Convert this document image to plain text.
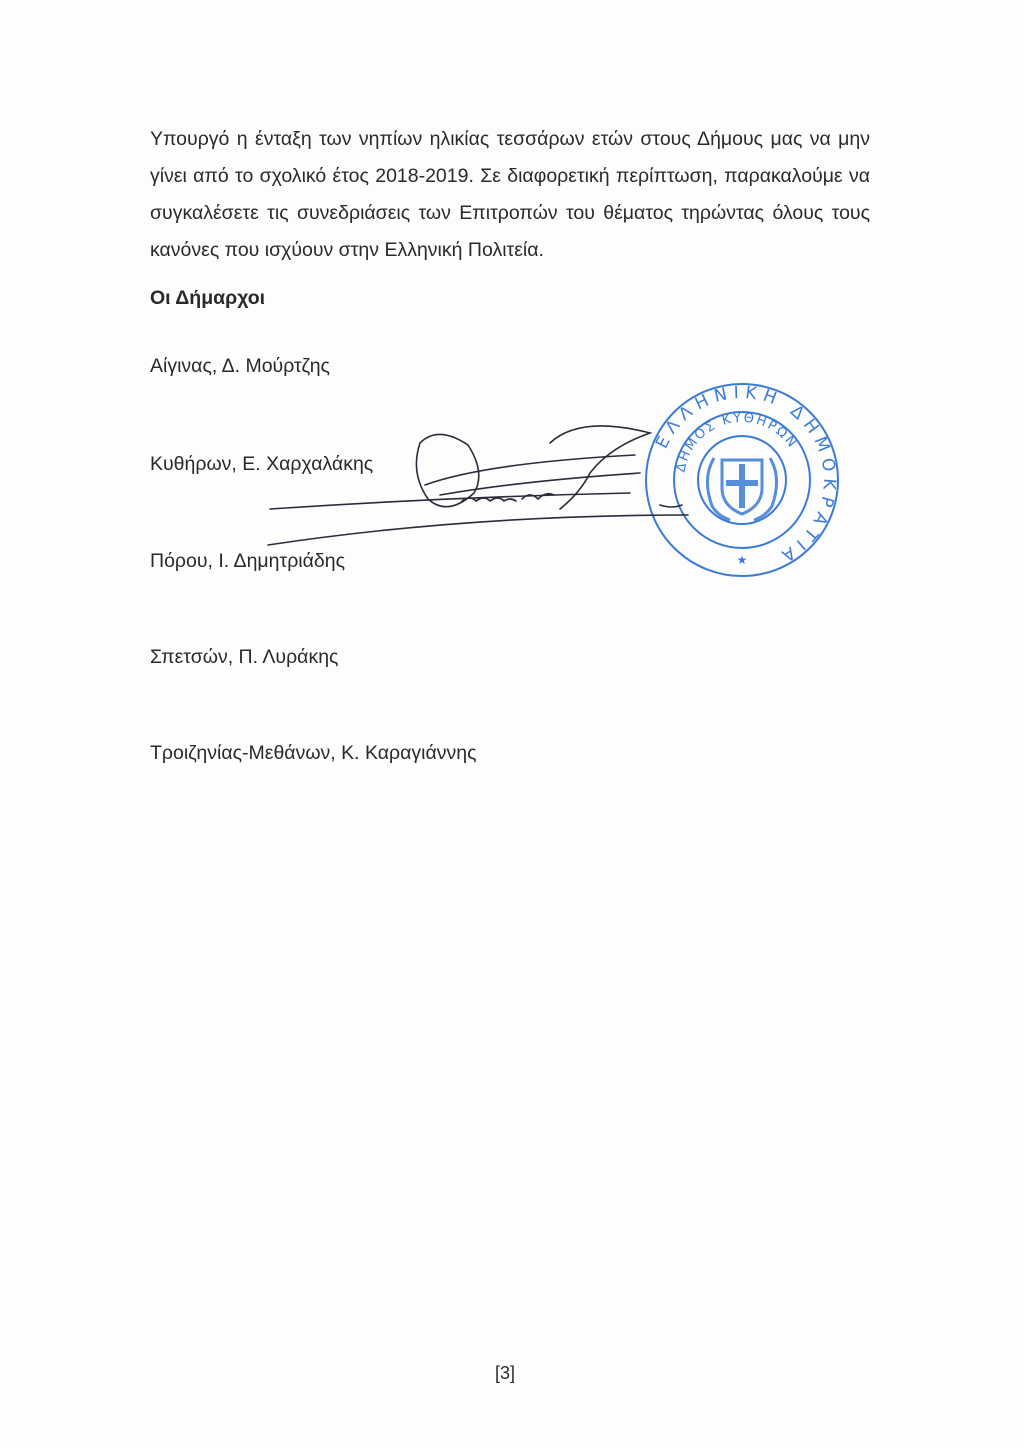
Υπουργό η ένταξη των νηπίων ηλικίας τεσσάρων ετών στους Δήμους μας να μην γίνει από το σχολικό έτος 2018-2019. Σε διαφορετική περίπτωση, παρακαλούμε να συγκαλέσετε τις συνεδριάσεις των Επιτροπών του θέματος τηρώντας όλους τους κανόνες που ισχύουν στην Ελληνική Πολιτεία.

Οι Δήμαρχοι

Αίγινας, Δ. Μούρτζης

Κυθήρων, Ε. Χαρχαλάκης

Πόρου, Ι. Δημητριάδης

Σπετσών, Π. Λυράκης

Τροιζηνίας-Μεθάνων, Κ. Καραγιάννης

ΕΛΛΗΝΙΚΗ ΔΗΜΟΚΡΑΤΙΑ
ΔΗΜΟΣ ΚΥΘΗΡΩΝ
★
[3]
